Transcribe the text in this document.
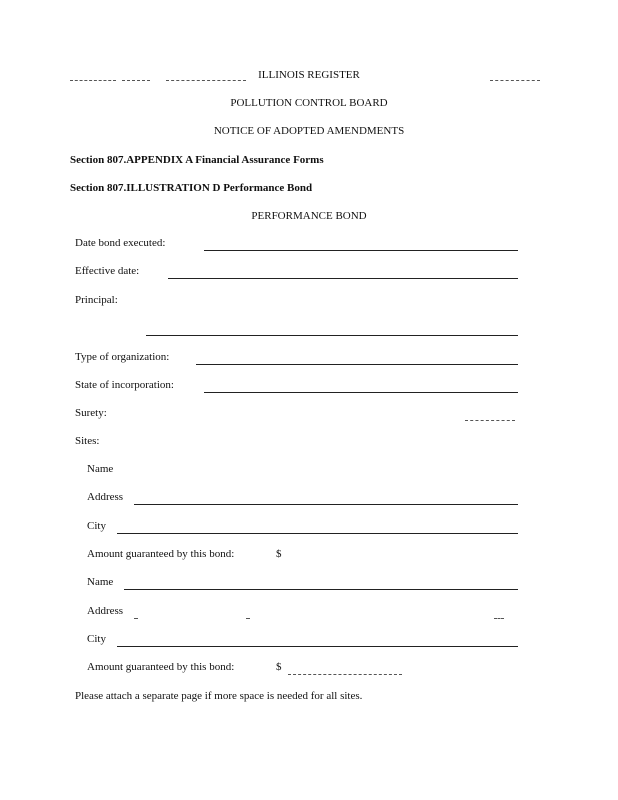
ILLINOIS REGISTER
POLLUTION CONTROL BOARD
NOTICE OF ADOPTED AMENDMENTS
Section 807.APPENDIX A Financial Assurance Forms
Section 807.ILLUSTRATION D Performance Bond
PERFORMANCE BOND
Date bond executed:
Effective date:
Principal:
Type of organization:
State of incorporation:
Surety:
Sites:
Name
Address
City
Amount guaranteed by this bond:	$
Name
Address
City
Amount guaranteed by this bond:	$
Please attach a separate page if more space is needed for all sites.
